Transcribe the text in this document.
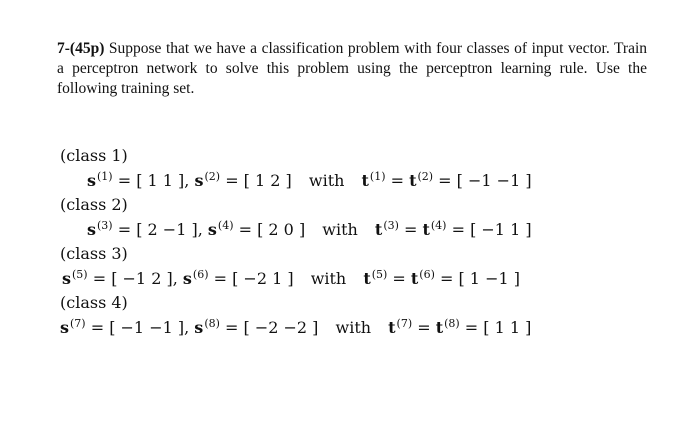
7-(45p) Suppose that we have a classification problem with four classes of input vector. Train a perceptron network to solve this problem using the perceptron learning rule. Use the following training set.
(class 1)
$s^{(1)}$ = [ 1 1 ], $s^{(2)}$ = [ 1 2 ] with $t^{(1)} = t^{(2)}$ = [ −1 −1 ]
(class 2)
$s^{(3)}$ = [ 2 −1 ], $s^{(4)}$ = [ 2 0 ] with $t^{(3)} = t^{(4)}$ = [ −1 1 ]
(class 3)
$s^{(5)}$ = [ −1 2 ], $s^{(6)}$ = [ −2 1 ] with $t^{(5)} = t^{(6)}$ = [ 1 −1 ]
(class 4)
$s^{(7)}$ = [ −1 −1 ], $s^{(8)}$ = [ −2 −2 ] with $t^{(7)} = t^{(8)}$ = [ 1 1 ]
